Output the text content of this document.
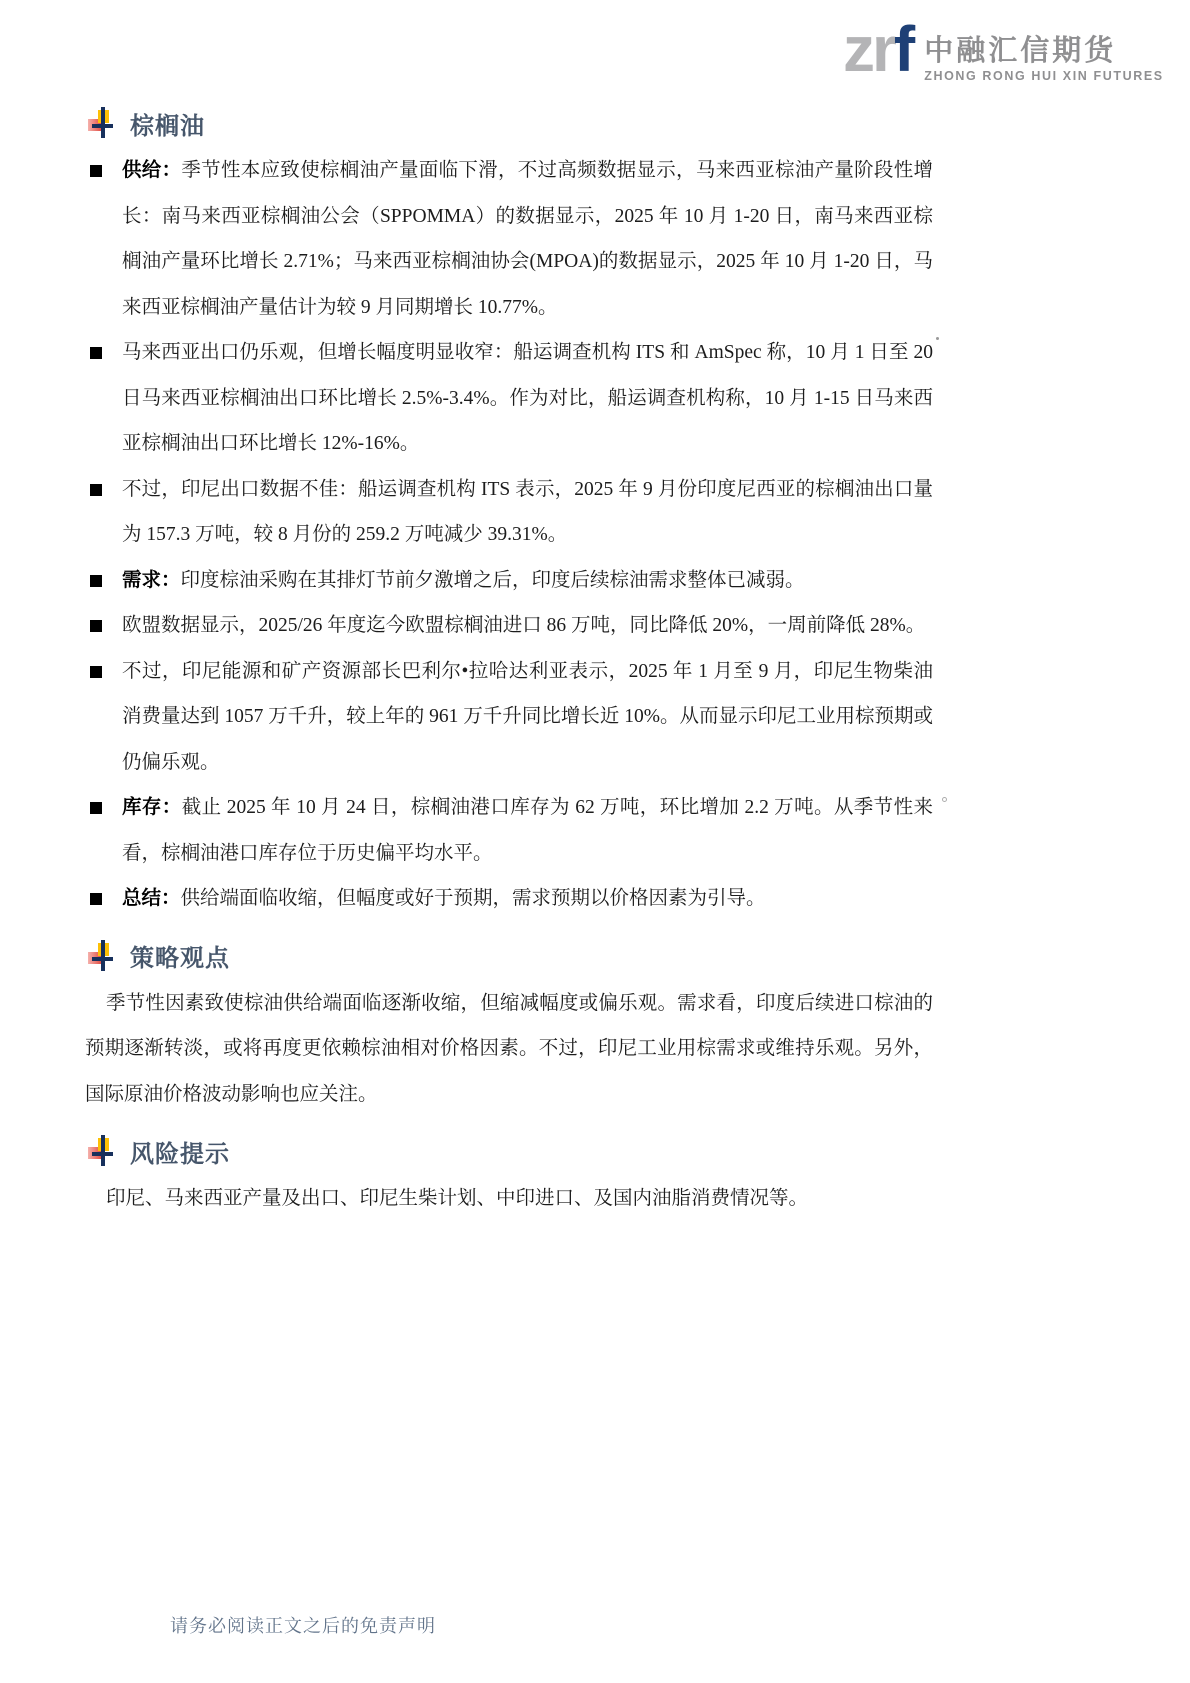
zrf 中融汇信期货
ZHONG RONG HUI XIN FUTURES
棕榈油
供给：季节性本应致使棕榈油产量面临下滑，不过高频数据显示，马来西亚棕油产量阶段性增长：南马来西亚棕榈油公会（SPPOMMA）的数据显示，2025 年 10 月 1-20 日，南马来西亚棕榈油产量环比增长 2.71%；马来西亚棕榈油协会(MPOA)的数据显示，2025 年 10 月 1-20 日，马来西亚棕榈油产量估计为较 9 月同期增长 10.77%。
马来西亚出口仍乐观，但增长幅度明显收窄：船运调查机构 ITS 和 AmSpec 称，10 月 1 日至 20 日马来西亚棕榈油出口环比增长 2.5%-3.4%。作为对比，船运调查机构称，10 月 1-15 日马来西亚棕榈油出口环比增长 12%-16%。
不过，印尼出口数据不佳：船运调查机构 ITS 表示，2025 年 9 月份印度尼西亚的棕榈油出口量为 157.3 万吨，较 8 月份的 259.2 万吨减少 39.31%。
需求：印度棕油采购在其排灯节前夕激增之后，印度后续棕油需求整体已减弱。
欧盟数据显示，2025/26 年度迄今欧盟棕榈油进口 86 万吨，同比降低 20%，一周前降低 28%。
不过，印尼能源和矿产资源部长巴利尔•拉哈达利亚表示，2025 年 1 月至 9 月，印尼生物柴油消费量达到 1057 万千升，较上年的 961 万千升同比增长近 10%。从而显示印尼工业用棕预期或仍偏乐观。
库存：截止 2025 年 10 月 24 日，棕榈油港口库存为 62 万吨，环比增加 2.2 万吨。从季节性来看，棕榈油港口库存位于历史偏平均水平。
总结：供给端面临收缩，但幅度或好于预期，需求预期以价格因素为引导。
策略观点

季节性因素致使棕油供给端面临逐渐收缩，但缩减幅度或偏乐观。需求看，印度后续进口棕油的预期逐渐转淡，或将再度更依赖棕油相对价格因素。不过，印尼工业用棕需求或维持乐观。另外，国际原油价格波动影响也应关注。

风险提示

印尼、马来西亚产量及出口、印尼生柴计划、中印进口、及国内油脂消费情况等。

请务必阅读正文之后的免责声明
